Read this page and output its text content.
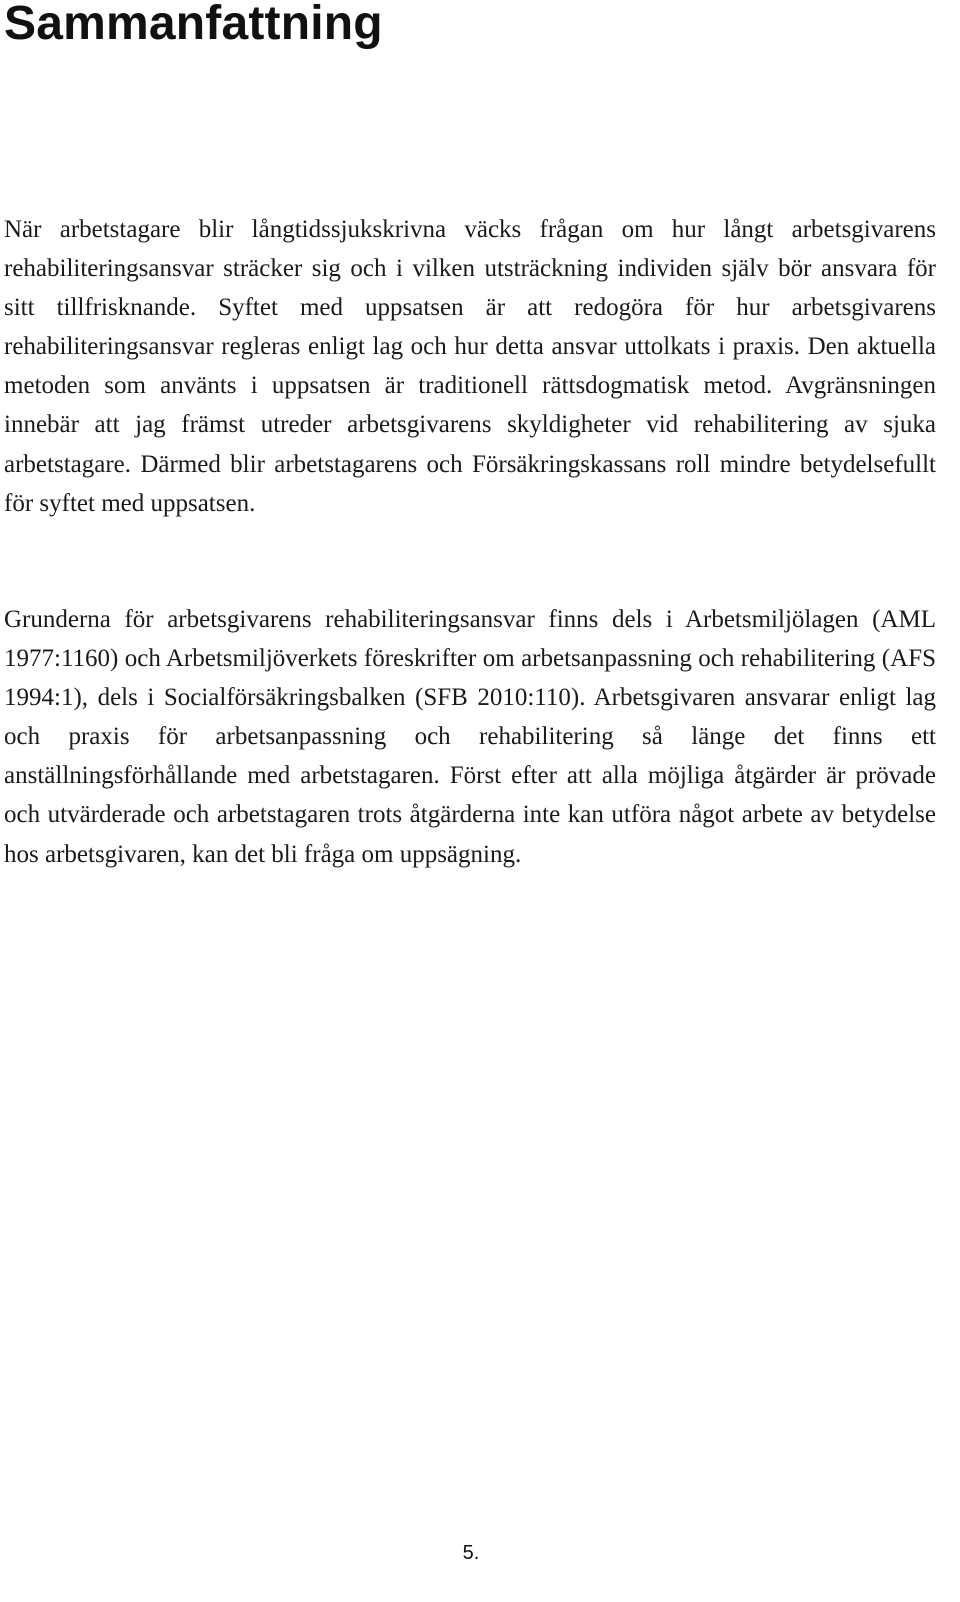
Sammanfattning

När arbetstagare blir långtidssjukskrivna väcks frågan om hur långt arbetsgivarens rehabiliteringsansvar sträcker sig och i vilken utsträckning individen själv bör ansvara för sitt tillfrisknande. Syftet med uppsatsen är att redogöra för hur arbetsgivarens rehabiliteringsansvar regleras enligt lag och hur detta ansvar uttolkats i praxis. Den aktuella metoden som använts i uppsatsen är traditionell rättsdogmatisk metod. Avgränsningen innebär att jag främst utreder arbetsgivarens skyldigheter vid rehabilitering av sjuka arbetstagare. Därmed blir arbetstagarens och Försäkringskassans roll mindre betydelsefullt för syftet med uppsatsen.

Grunderna för arbetsgivarens rehabiliteringsansvar finns dels i Arbetsmiljölagen (AML 1977:1160) och Arbetsmiljöverkets föreskrifter om arbetsanpassning och rehabilitering (AFS 1994:1), dels i Socialförsäkringsbalken (SFB 2010:110). Arbetsgivaren ansvarar enligt lag och praxis för arbetsanpassning och rehabilitering så länge det finns ett anställningsförhållande med arbetstagaren. Först efter att alla möjliga åtgärder är prövade och utvärderade och arbetstagaren trots åtgärderna inte kan utföra något arbete av betydelse hos arbetsgivaren, kan det bli fråga om uppsägning.

5.
